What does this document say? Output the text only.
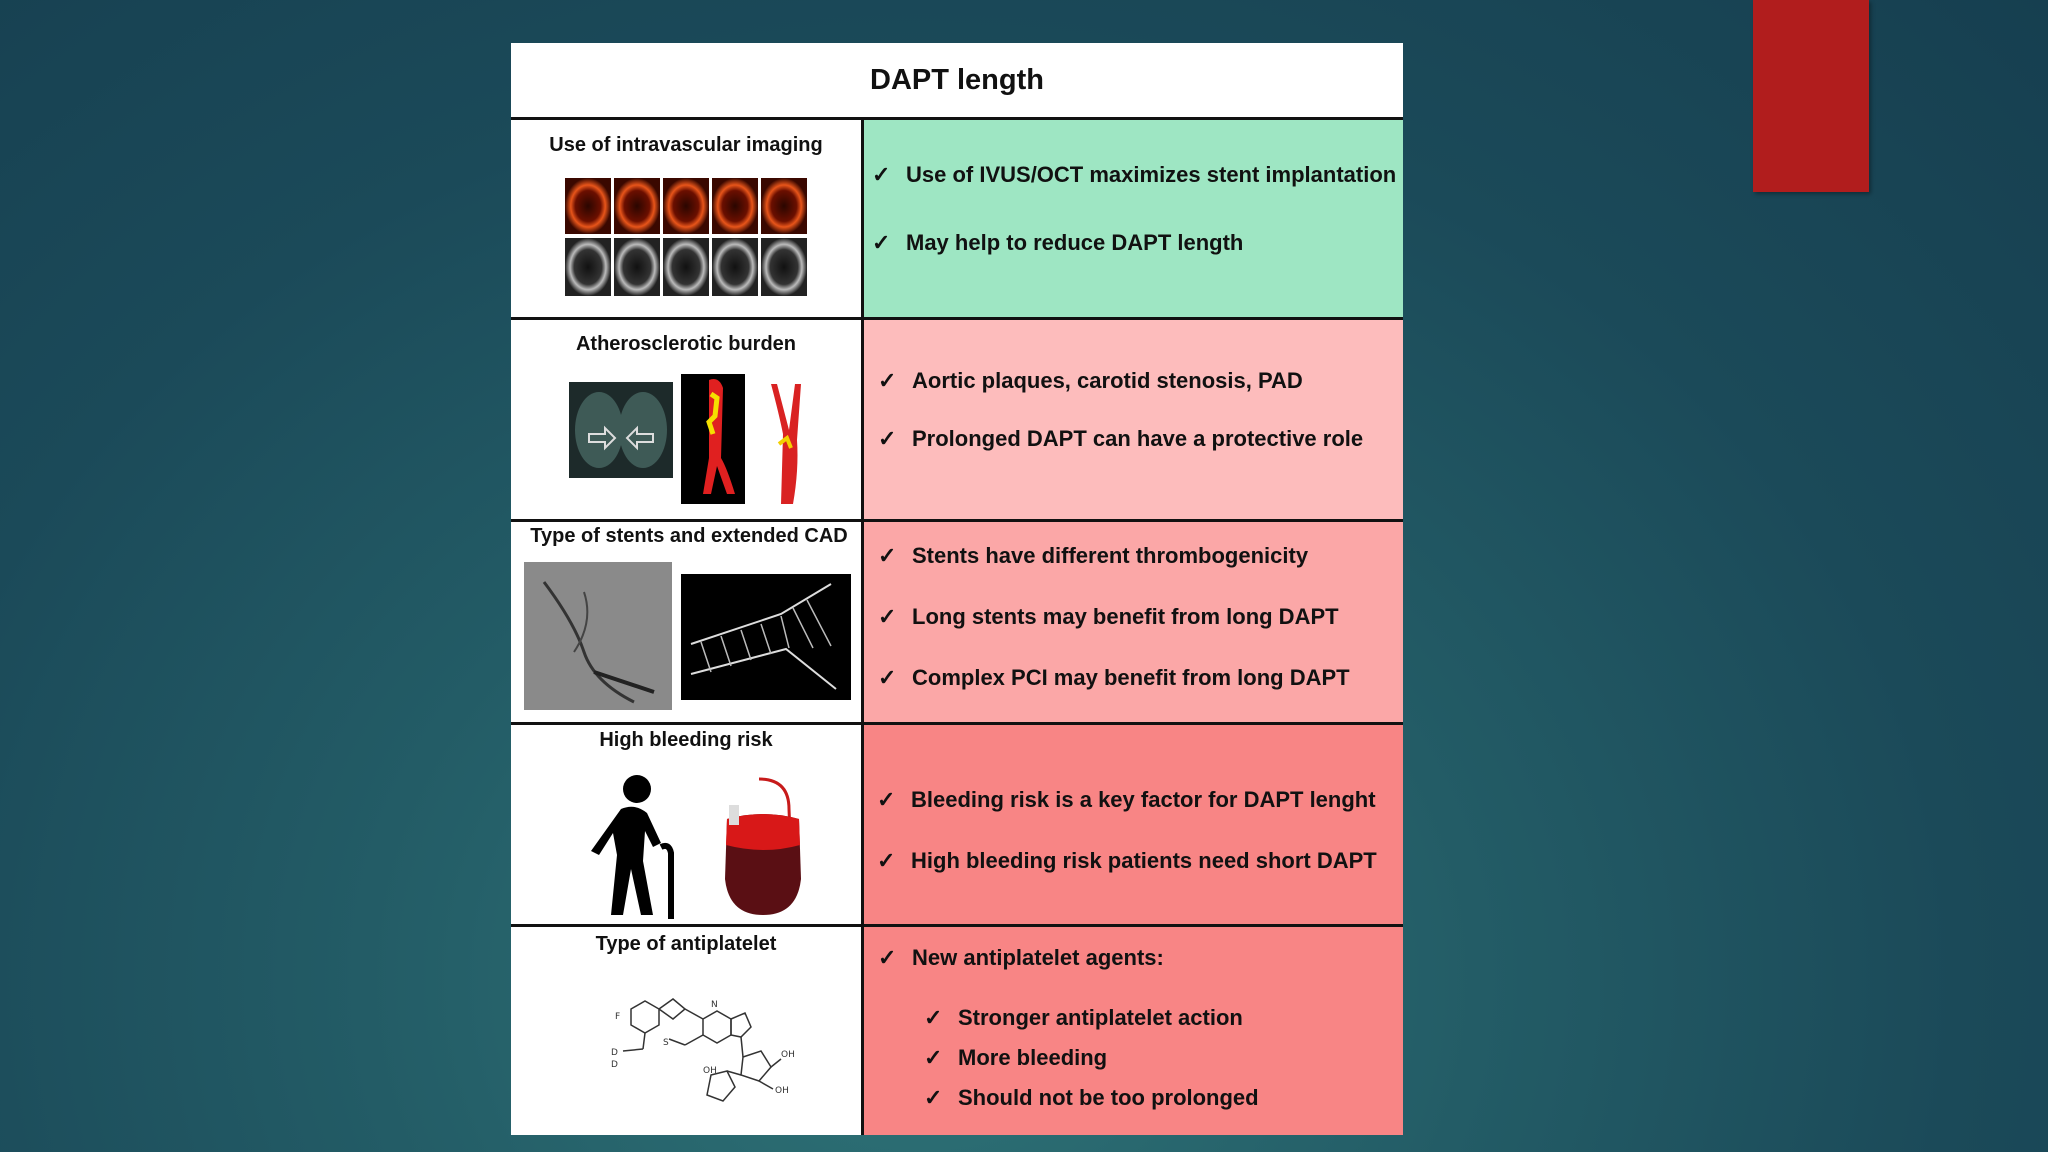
DAPT length
Use of intravascular imaging
✓ Use of IVUS/OCT maximizes stent implantation
✓ May help to reduce DAPT length
Atherosclerotic burden
✓ Aortic plaques, carotid stenosis, PAD
✓ Prolonged DAPT can have a protective role
Type of stents and extended CAD
✓ Stents have different thrombogenicity
✓ Long stents may benefit from long DAPT
✓ Complex PCI may benefit from long DAPT
High bleeding risk
✓ Bleeding risk is a key factor for DAPT lenght
✓ High bleeding risk patients need short DAPT
Type of antiplatelet
F
N
OH
OH
OH
S
D
D
✓ New antiplatelet agents:
✓ Stronger antiplatelet action
✓ More bleeding
✓ Should not be too prolonged
